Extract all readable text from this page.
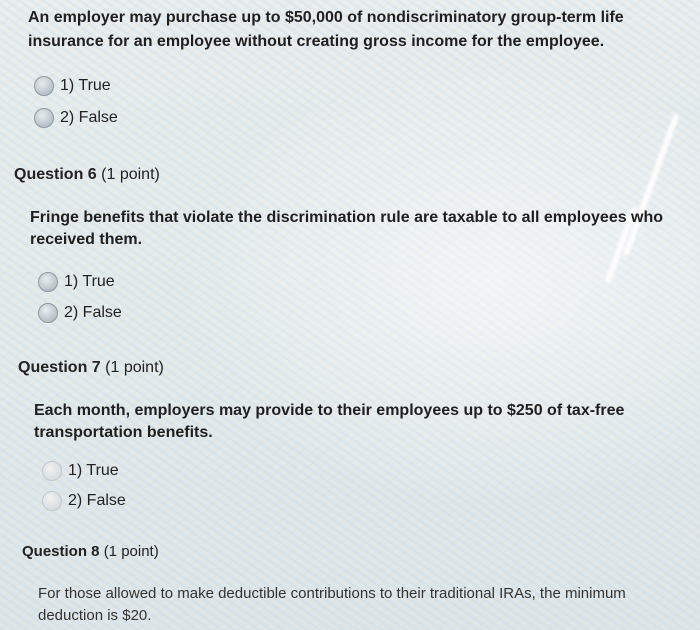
An employer may purchase up to $50,000 of nondiscriminatory group-term life insurance for an employee without creating gross income for the employee.
1) True
2) False
Question 6 (1 point)
Fringe benefits that violate the discrimination rule are taxable to all employees who received them.
1) True
2) False
Question 7 (1 point)
Each month, employers may provide to their employees up to $250 of tax-free transportation benefits.
1) True
2) False
Question 8 (1 point)
For those allowed to make deductible contributions to their traditional IRAs, the minimum deduction is $20.
